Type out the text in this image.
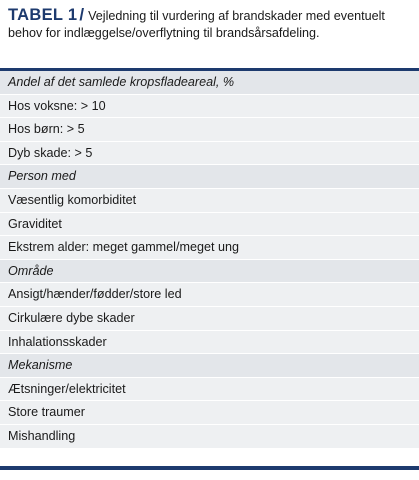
TABEL 1 / Vejledning til vurdering af brandskader med eventuelt behov for indlæggelse/overflytning til brandsårsafdeling.
Andel af det samlede kropsfladeareal, %
Hos voksne: > 10
Hos børn: > 5
Dyb skade: > 5
Person med
Væsentlig komorbiditet
Graviditet
Ekstrem alder: meget gammel/meget ung
Område
Ansigt/hænder/fødder/store led
Cirkulære dybe skader
Inhalationsskader
Mekanisme
Ætsninger/elektricitet
Store traumer
Mishandling
